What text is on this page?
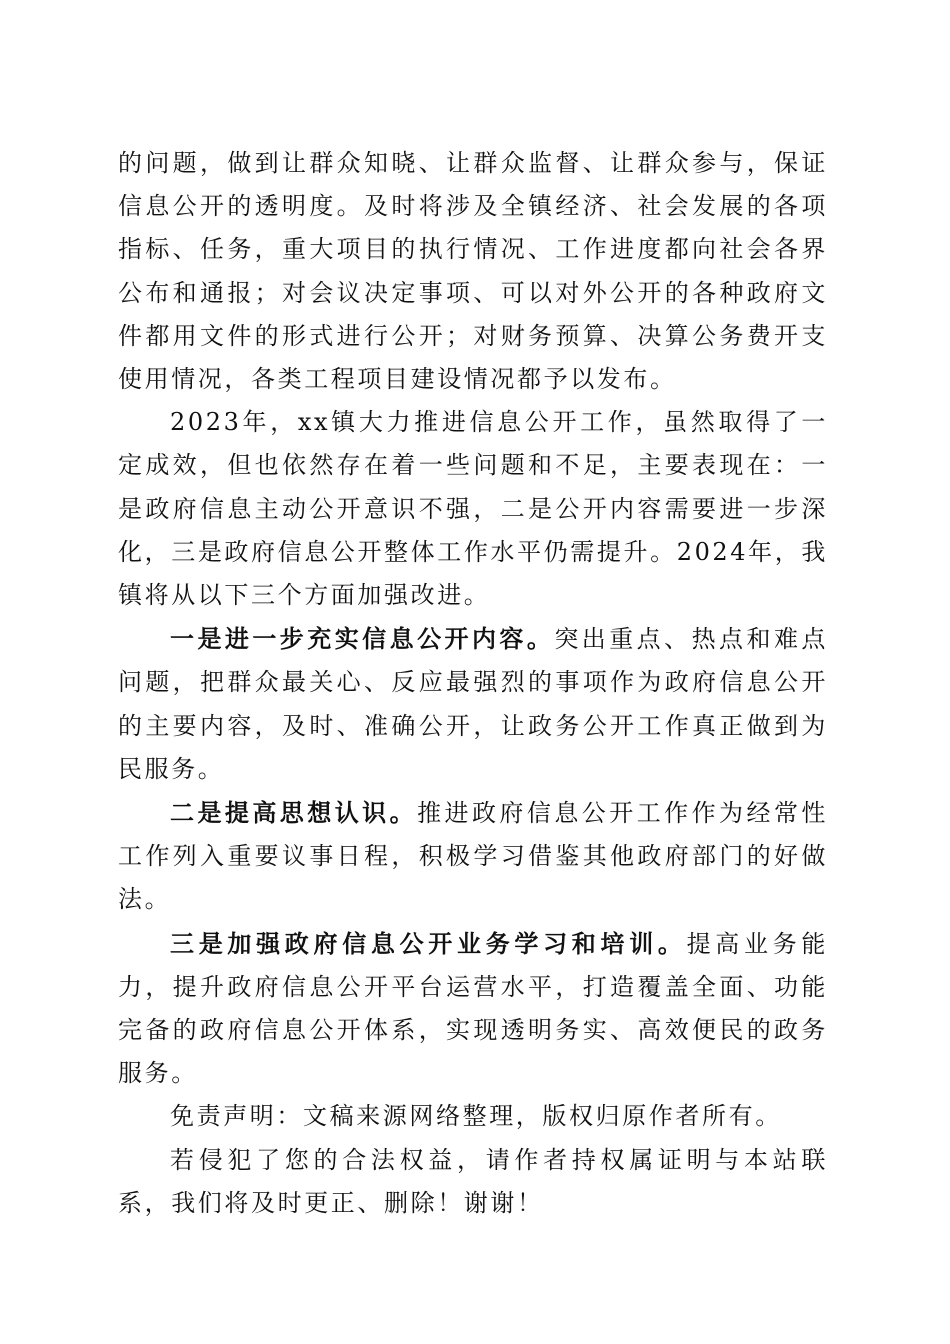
的问题，做到让群众知晓、让群众监督、让群众参与，保证信息公开的透明度。及时将涉及全镇经济、社会发展的各项指标、任务，重大项目的执行情况、工作进度都向社会各界公布和通报；对会议决定事项、可以对外公开的各种政府文件都用文件的形式进行公开；对财务预算、决算公务费开支使用情况，各类工程项目建设情况都予以发布。

2023年，xx镇大力推进信息公开工作，虽然取得了一定成效，但也依然存在着一些问题和不足，主要表现在：一是政府信息主动公开意识不强，二是公开内容需要进一步深化，三是政府信息公开整体工作水平仍需提升。2024年，我镇将从以下三个方面加强改进。

一是进一步充实信息公开内容。突出重点、热点和难点问题，把群众最关心、反应最强烈的事项作为政府信息公开的主要内容，及时、准确公开，让政务公开工作真正做到为民服务。

二是提高思想认识。推进政府信息公开工作作为经常性工作列入重要议事日程，积极学习借鉴其他政府部门的好做法。

三是加强政府信息公开业务学习和培训。提高业务能力，提升政府信息公开平台运营水平，打造覆盖全面、功能完备的政府信息公开体系，实现透明务实、高效便民的政务服务。

免责声明：文稿来源网络整理，版权归原作者所有。

若侵犯了您的合法权益，请作者持权属证明与本站联系，我们将及时更正、删除！谢谢！
